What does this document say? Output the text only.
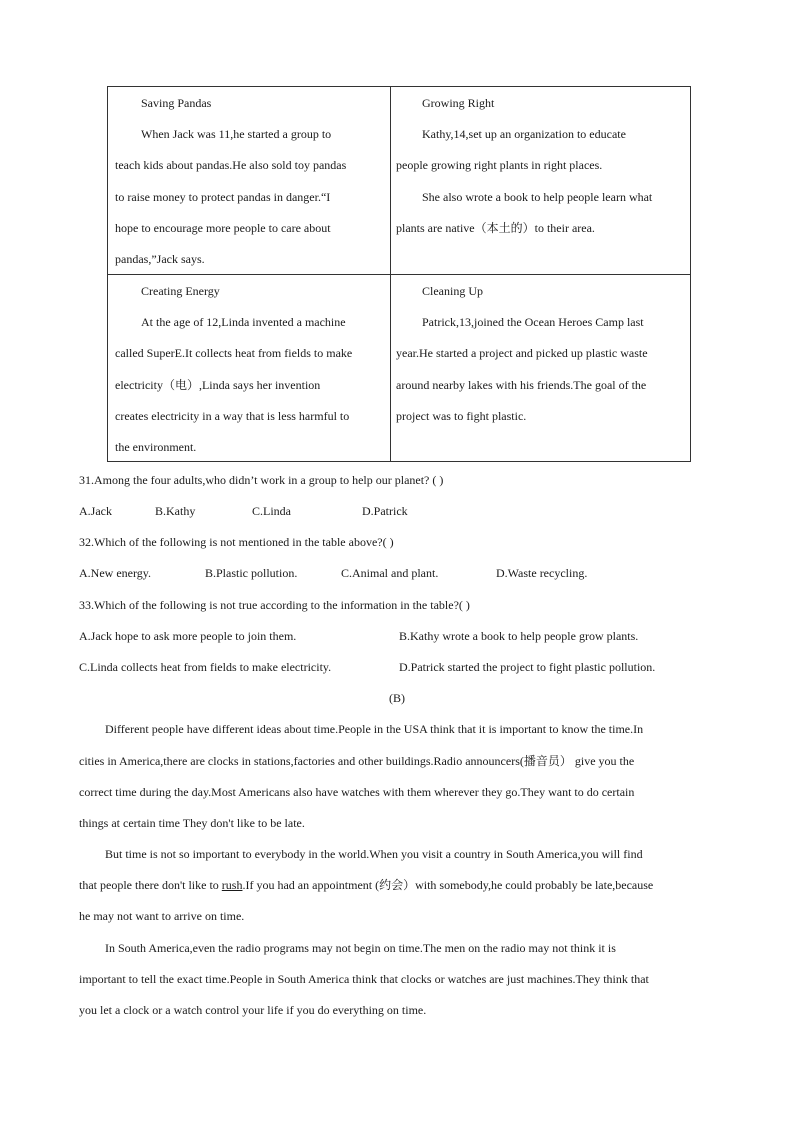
Saving Pandas
When Jack was 11,he started a group to
teach kids about pandas.He also sold toy pandas
to raise money to protect pandas in danger.“I
hope to encourage more people to care about
pandas,”Jack says.
Growing Right
Kathy,14,set up an organization to educate
people growing right plants in right places.
She also wrote a book to help people learn what
plants are native（本土的）to their area.
Creating Energy
At the age of 12,Linda invented a machine
called SuperE.It collects heat from fields to make
electricity（电）,Linda says her invention
creates electricity in a way that is less harmful to
the environment.
Cleaning Up
Patrick,13,joined the Ocean Heroes Camp last
year.He started a project and picked up plastic waste
around nearby lakes with his friends.The goal of the
project was to fight plastic.
31.Among the four adults,who didn’t work in a group to help our planet? ( )
A.Jack	B.Kathy	C.Linda	D.Patrick
32.Which of the following is not mentioned in the table above?( )
A.New energy.	B.Plastic pollution.	C.Animal and plant.	D.Waste recycling.
33.Which of the following is not true according to the information in the table?( )
A.Jack hope to ask more people to join them.	B.Kathy wrote a book to help people grow plants.
C.Linda collects heat from fields to make electricity.	D.Patrick started the project to fight plastic pollution.
(B)
Different people have different ideas about time.People in the USA think that it is important to know the time.In
cities in America,there are clocks in stations,factories and other buildings.Radio announcers(播音员） give you the
correct time during the day.Most Americans also have watches with them wherever they go.They want to do certain
things at certain time They don't like to be late.
But time is not so important to everybody in the world.When you visit a country in South America,you will find
that people there don't like to rush.If you had an appointment (约会）with somebody,he could probably be late,because
he may not want to arrive on time.
In South America,even the radio programs may not begin on time.The men on the radio may not think it is
important to tell the exact time.People in South America think that clocks or watches are just machines.They think that
you let a clock or a watch control your life if you do everything on time.
